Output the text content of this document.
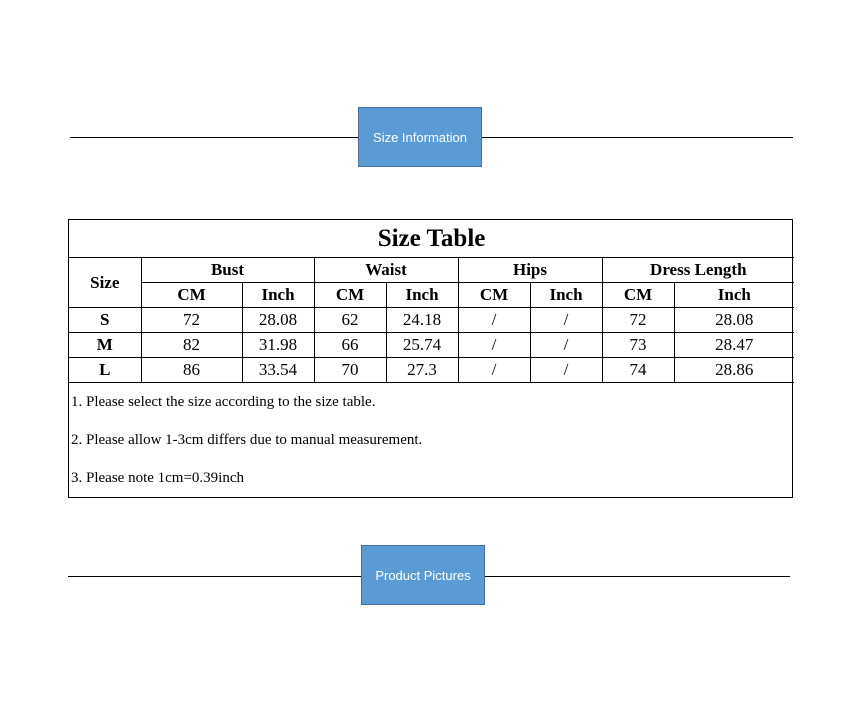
Size Information
Size Table								
Size	Bust		Waist		Hips		Dress Length	
	CM	Inch	CM	Inch	CM	Inch	CM	Inch
S	72	28.08	62	24.18	/	/	72	28.08
M	82	31.98	66	25.74	/	/	73	28.47
L	86	33.54	70	27.3	/	/	74	28.86
1. Please select the size according to the size table.
2. Please allow 1-3cm differs due to manual measurement.
3. Please note 1cm=0.39inch
Product Pictures
